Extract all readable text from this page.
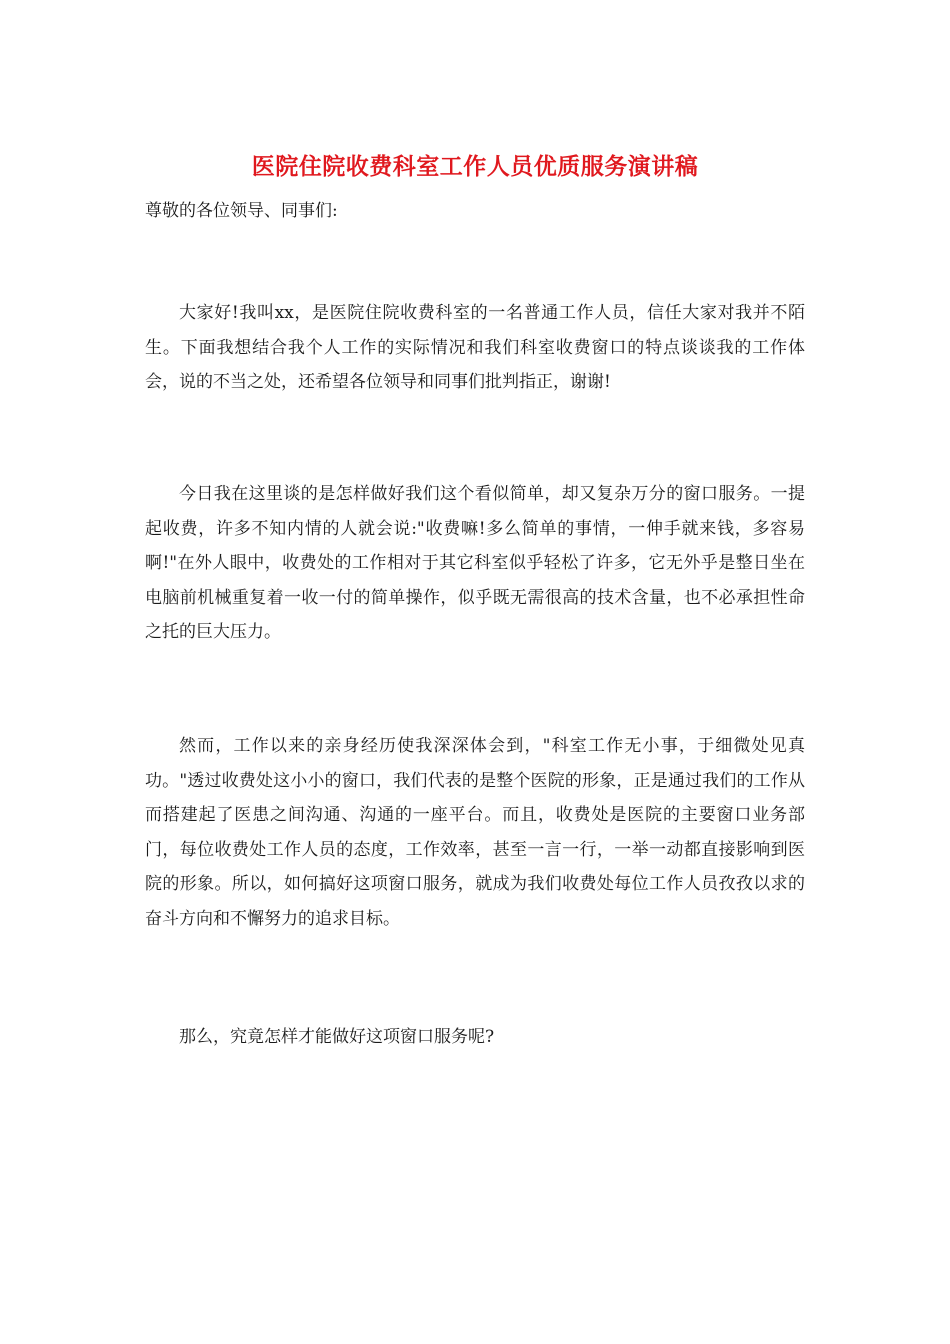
医院住院收费科室工作人员优质服务演讲稿
尊敬的各位领导、同事们:
大家好!我叫xx，是医院住院收费科室的一名普通工作人员，信任大家对我并不陌生。下面我想结合我个人工作的实际情况和我们科室收费窗口的特点谈谈我的工作体会，说的不当之处，还希望各位领导和同事们批判指正，谢谢!
今日我在这里谈的是怎样做好我们这个看似简单，却又复杂万分的窗口服务。一提起收费，许多不知内情的人就会说:"收费嘛!多么简单的事情，一伸手就来钱，多容易啊!"在外人眼中，收费处的工作相对于其它科室似乎轻松了许多，它无外乎是整日坐在电脑前机械重复着一收一付的简单操作，似乎既无需很高的技术含量，也不必承担性命之托的巨大压力。
然而，工作以来的亲身经历使我深深体会到，"科室工作无小事，于细微处见真功。"透过收费处这小小的窗口，我们代表的是整个医院的形象，正是通过我们的工作从而搭建起了医患之间沟通、沟通的一座平台。而且，收费处是医院的主要窗口业务部门，每位收费处工作人员的态度，工作效率，甚至一言一行，一举一动都直接影响到医院的形象。所以，如何搞好这项窗口服务，就成为我们收费处每位工作人员孜孜以求的奋斗方向和不懈努力的追求目标。
那么，究竟怎样才能做好这项窗口服务呢?
